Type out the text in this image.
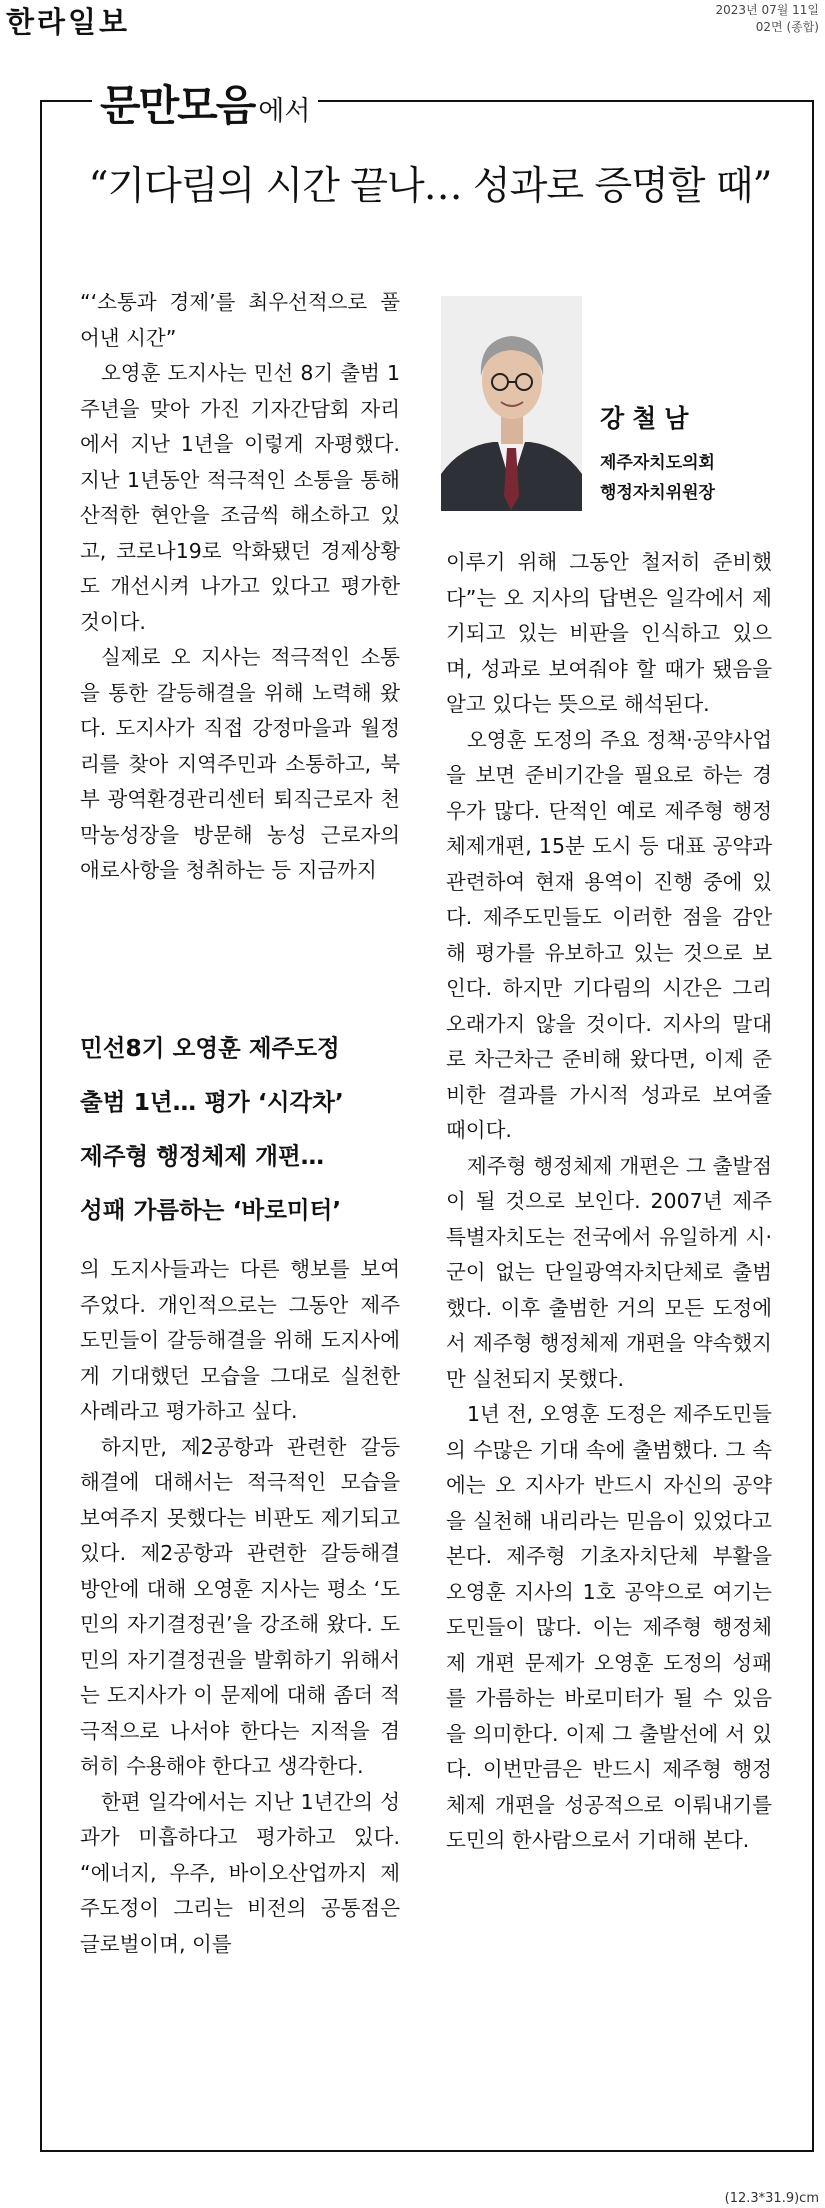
한라일보	2023년 07월 11일
02면 (종합)
문만모음 에서
“기다림의 시간 끝나… 성과로 증명할 때”

“‘소통과 경제’를 최우선적으로 풀어낸 시간”

오영훈 도지사는 민선 8기 출범 1주년을 맞아 가진 기자간담회 자리에서 지난 1년을 이렇게 자평했다. 지난 1년동안 적극적인 소통을 통해 산적한 현안을 조금씩 해소하고 있고, 코로나19로 악화됐던 경제상황도 개선시켜 나가고 있다고 평가한 것이다.

실제로 오 지사는 적극적인 소통을 통한 갈등해결을 위해 노력해 왔다. 도지사가 직접 강정마을과 월정리를 찾아 지역주민과 소통하고, 북부 광역환경관리센터 퇴직근로자 천막농성장을 방문해 농성 근로자의 애로사항을 청취하는 등 지금까지

민선8기 오영훈 제주도정
출범 1년… 평가 ‘시각차’
제주형 행정체제 개편…
성패 가름하는 ‘바로미터’

의 도지사들과는 다른 행보를 보여주었다. 개인적으로는 그동안 제주도민들이 갈등해결을 위해 도지사에게 기대했던 모습을 그대로 실천한 사례라고 평가하고 싶다.

하지만, 제2공항과 관련한 갈등 해결에 대해서는 적극적인 모습을 보여주지 못했다는 비판도 제기되고 있다. 제2공항과 관련한 갈등해결 방안에 대해 오영훈 지사는 평소 ‘도민의 자기결정권’을 강조해 왔다. 도민의 자기결정권을 발휘하기 위해서는 도지사가 이 문제에 대해 좀더 적극적으로 나서야 한다는 지적을 겸허히 수용해야 한다고 생각한다.

한편 일각에서는 지난 1년간의 성과가 미흡하다고 평가하고 있다. “에너지, 우주, 바이오산업까지 제주도정이 그리는 비전의 공통점은 글로벌이며, 이를

강철남
제주자치도의회
행정자치위원장

이루기 위해 그동안 철저히 준비했다”는 오 지사의 답변은 일각에서 제기되고 있는 비판을 인식하고 있으며, 성과로 보여줘야 할 때가 됐음을 알고 있다는 뜻으로 해석된다.

오영훈 도정의 주요 정책·공약사업을 보면 준비기간을 필요로 하는 경우가 많다. 단적인 예로 제주형 행정체제개편, 15분 도시 등 대표 공약과 관련하여 현재 용역이 진행 중에 있다. 제주도민들도 이러한 점을 감안해 평가를 유보하고 있는 것으로 보인다. 하지만 기다림의 시간은 그리 오래가지 않을 것이다. 지사의 말대로 차근차근 준비해 왔다면, 이제 준비한 결과를 가시적 성과로 보여줄 때이다.

제주형 행정체제 개편은 그 출발점이 될 것으로 보인다. 2007년 제주특별자치도는 전국에서 유일하게 시·군이 없는 단일광역자치단체로 출범했다. 이후 출범한 거의 모든 도정에서 제주형 행정체제 개편을 약속했지만 실천되지 못했다.

1년 전, 오영훈 도정은 제주도민들의 수많은 기대 속에 출범했다. 그 속에는 오 지사가 반드시 자신의 공약을 실천해 내리라는 믿음이 있었다고 본다. 제주형 기초자치단체 부활을 오영훈 지사의 1호 공약으로 여기는 도민들이 많다. 이는 제주형 행정체제 개편 문제가 오영훈 도정의 성패를 가름하는 바로미터가 될 수 있음을 의미한다. 이제 그 출발선에 서 있다. 이번만큼은 반드시 제주형 행정체제 개편을 성공적으로 이뤄내기를 도민의 한사람으로서 기대해 본다.

(12.3*31.9)cm
